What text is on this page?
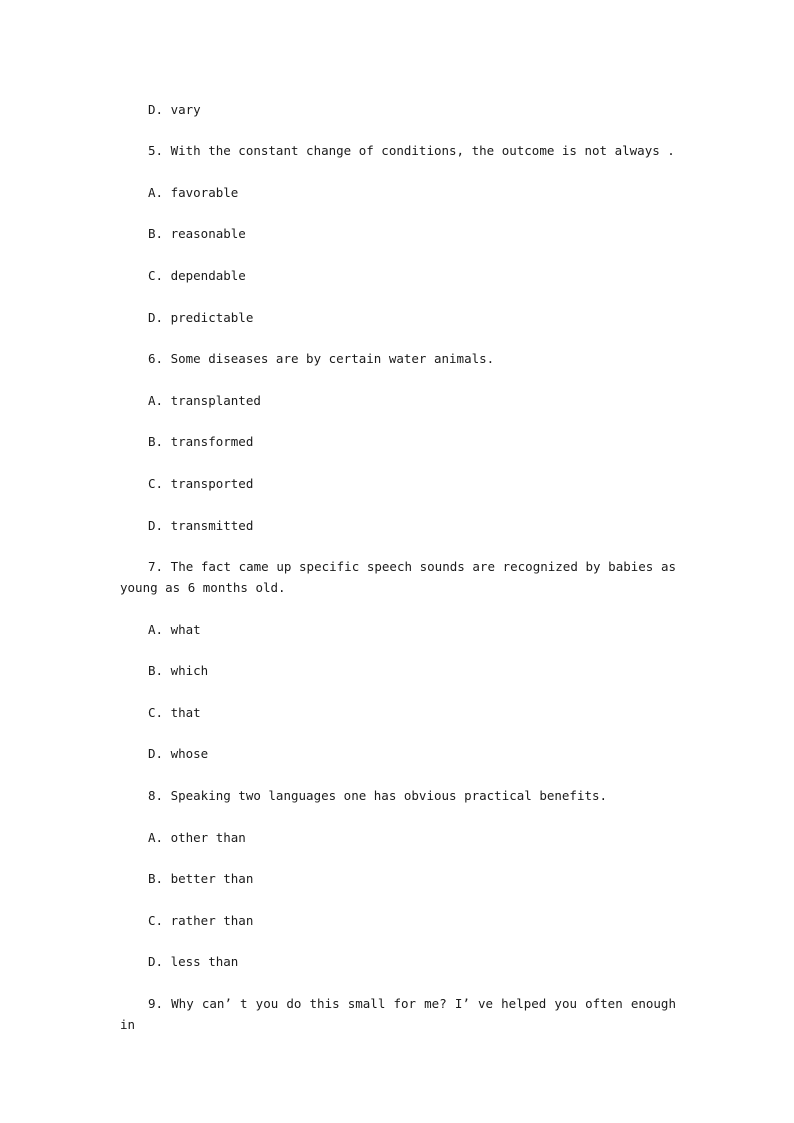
D. vary
5. With the constant change of conditions, the outcome is not always .
A. favorable
B. reasonable
C. dependable
D. predictable
6. Some diseases are by certain water animals.
A. transplanted
B. transformed
C. transported
D. transmitted
7. The fact came up specific speech sounds are recognized by babies as young as 6 months old.
A. what
B. which
C. that
D. whose
8. Speaking two languages one has obvious practical benefits.
A. other than
B. better than
C. rather than
D. less than
9. Why can’ t you do this small for me? I’ ve helped you often enough in
